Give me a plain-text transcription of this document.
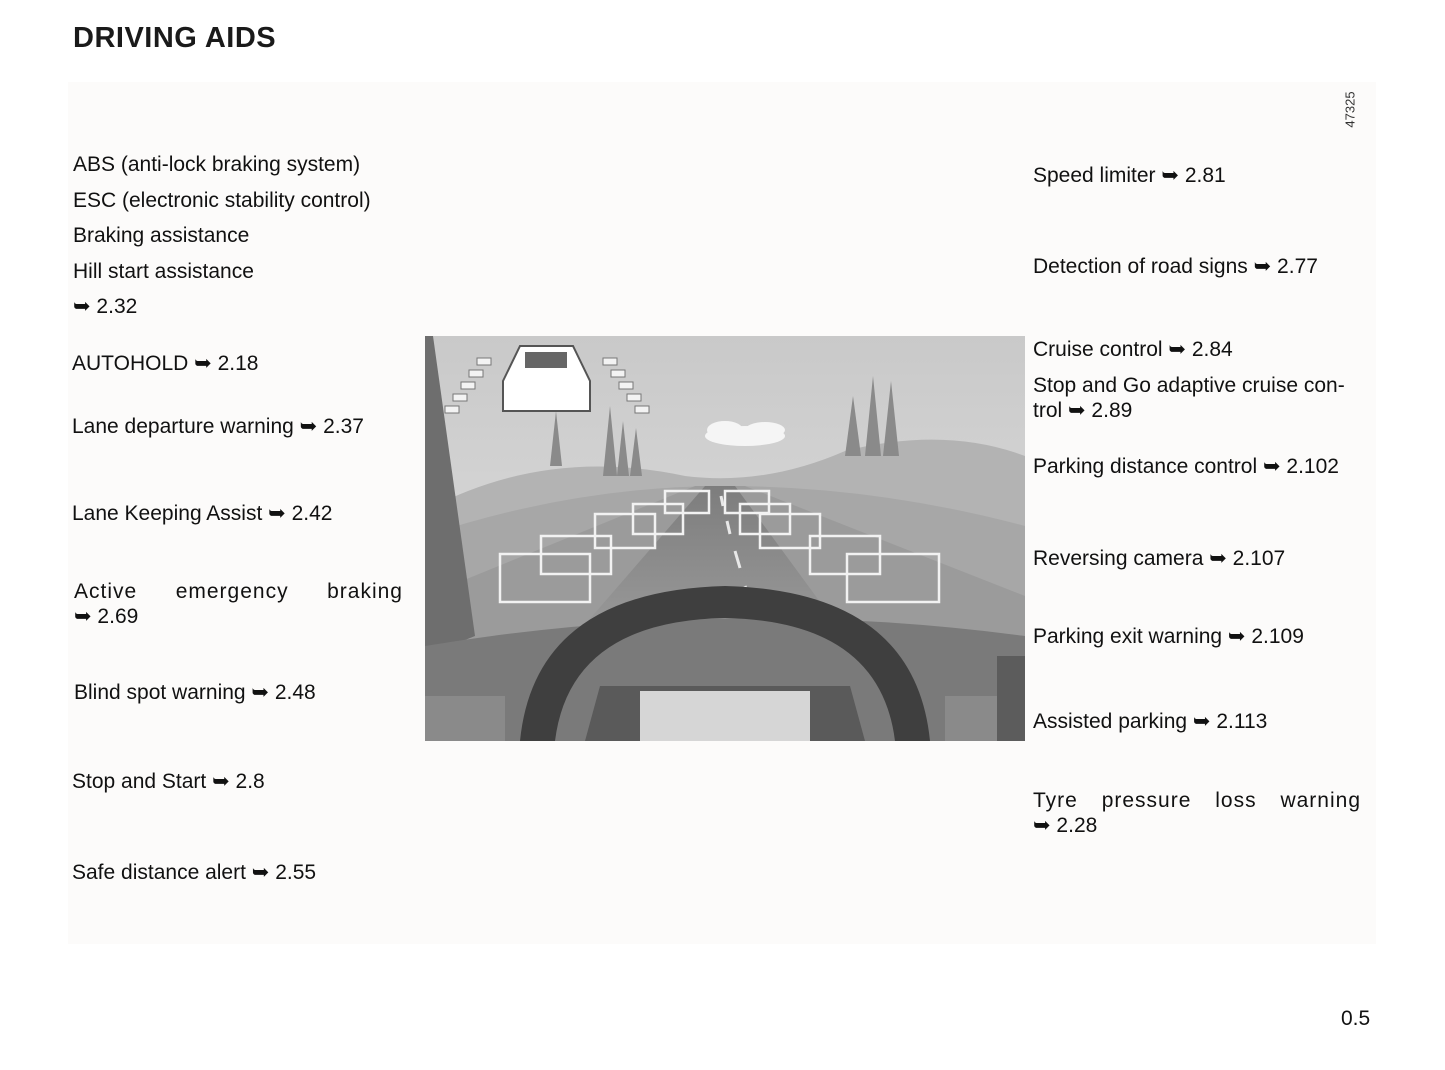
DRIVING AIDS
47325
ABS (anti-lock braking system)
ESC (electronic stability control)
Braking assistance
Hill start assistance
➥ 2.32
AUTOHOLD ➥ 2.18
Lane departure warning ➥ 2.37
Lane Keeping Assist ➥ 2.42
Active emergency braking
➥ 2.69
Blind spot warning ➥ 2.48
Stop and Start ➥ 2.8
Safe distance alert ➥ 2.55
Speed limiter ➥ 2.81
Detection of road signs ➥ 2.77
Cruise control ➥ 2.84
Stop and Go adaptive cruise con-
trol ➥ 2.89
Parking distance control ➥ 2.102
Reversing camera ➥ 2.107
Parking exit warning ➥ 2.109
Assisted parking ➥ 2.113
Tyre pressure loss warning
➥ 2.28
0.5
